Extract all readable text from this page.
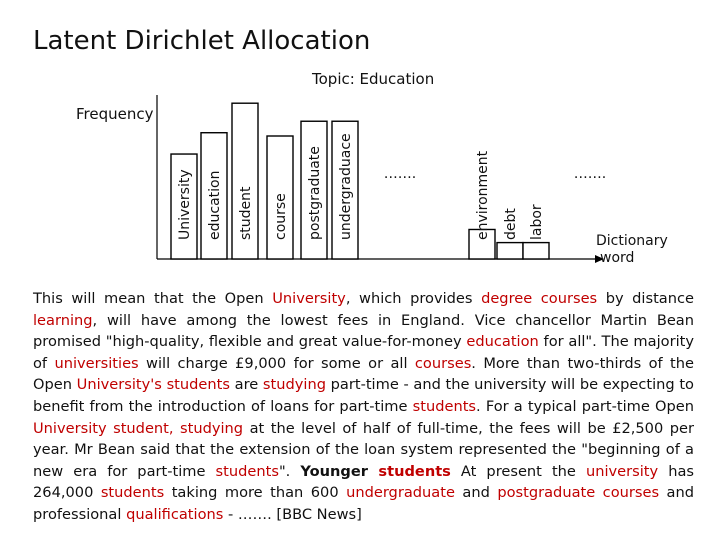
Latent Dirichlet Allocation
Topic: Education
Frequency
Dictionary word
University education student course postgraduate undergraduace …….	environment debt labor
…….
This will mean that the Open University, which provides degree courses by distance learning, will have among the lowest fees in England. Vice chancellor Martin Bean promised "high-quality, flexible and great value-for-money education for all". The majority of universities will charge £9,000 for some or all courses. More than two-thirds of the Open University's students are studying part-time - and the university will be expecting to benefit from the introduction of loans for part-time students. For a typical part-time Open University student, studying at the level of half of full-time, the fees will be £2,500 per year. Mr Bean said that the extension of the loan system represented the "beginning of a new era for part-time students". Younger students At present the university has 264,000 students taking more than 600 undergraduate and postgraduate courses and professional qualifications - ……. [BBC News]
